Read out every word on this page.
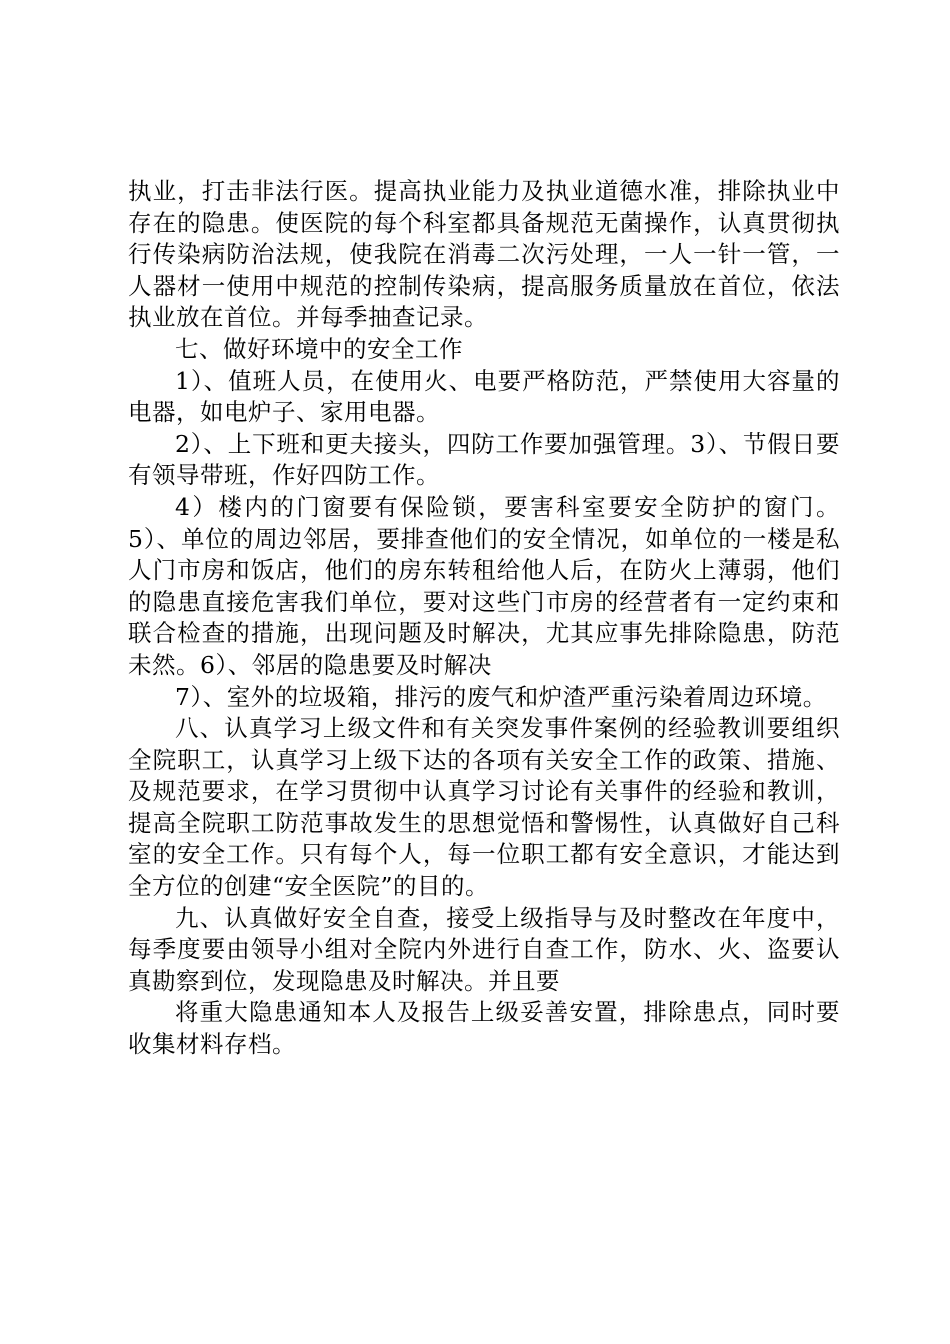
执业，打击非法行医。提高执业能力及执业道德水准，排除执业中存在的隐患。使医院的每个科室都具备规范无菌操作，认真贯彻执行传染病防治法规，使我院在消毒二次污处理，一人一针一管，一人器材一使用中规范的控制传染病，提高服务质量放在首位，依法执业放在首位。并每季抽查记录。

七、做好环境中的安全工作

1）、值班人员，在使用火、电要严格防范，严禁使用大容量的电器，如电炉子、家用电器。

2）、上下班和更夫接头，四防工作要加强管理。3）、节假日要有领导带班，作好四防工作。

4）楼内的门窗要有保险锁，要害科室要安全防护的窗门。5）、单位的周边邻居，要排查他们的安全情况，如单位的一楼是私人门市房和饭店，他们的房东转租给他人后，在防火上薄弱，他们的隐患直接危害我们单位，要对这些门市房的经营者有一定约束和联合检查的措施，出现问题及时解决，尤其应事先排除隐患，防范未然。6）、邻居的隐患要及时解决

7）、室外的垃圾箱，排污的废气和炉渣严重污染着周边环境。

八、认真学习上级文件和有关突发事件案例的经验教训要组织全院职工，认真学习上级下达的各项有关安全工作的政策、措施、及规范要求，在学习贯彻中认真学习讨论有关事件的经验和教训，提高全院职工防范事故发生的思想觉悟和警惕性，认真做好自己科室的安全工作。只有每个人，每一位职工都有安全意识，才能达到全方位的创建“安全医院”的目的。

九、认真做好安全自查，接受上级指导与及时整改在年度中，每季度要由领导小组对全院内外进行自查工作，防水、火、盗要认真勘察到位，发现隐患及时解决。并且要

将重大隐患通知本人及报告上级妥善安置，排除患点，同时要收集材料存档。
